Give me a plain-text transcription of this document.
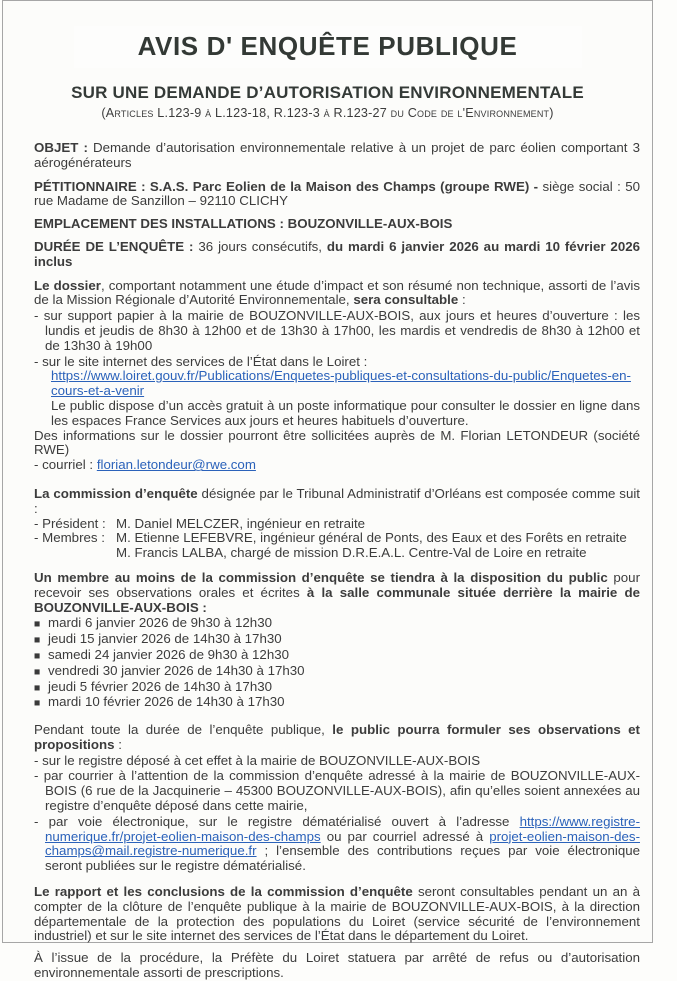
AVIS D' ENQUÊTE PUBLIQUE
SUR UNE DEMANDE D’AUTORISATION ENVIRONNEMENTALE
(Articles L.123-9 à L.123-18, R.123-3 à R.123-27 du Code de l'Environnement)
OBJET : Demande d’autorisation environnementale relative à un projet de parc éolien comportant 3 aérogénérateurs
PÉTITIONNAIRE : S.A.S. Parc Eolien de la Maison des Champs (groupe RWE) - siège social : 50 rue Madame de Sanzillon – 92110 CLICHY
EMPLACEMENT DES INSTALLATIONS : BOUZONVILLE-AUX-BOIS
DURÉE DE L’ENQUÊTE : 36 jours consécutifs, du mardi 6 janvier 2026 au mardi 10 février 2026 inclus
Le dossier, comportant notamment une étude d’impact et son résumé non technique, assorti de l’avis de la Mission Régionale d’Autorité Environnementale, sera consultable :
- sur support papier à la mairie de BOUZONVILLE-AUX-BOIS, aux jours et heures d’ouverture : les lundis et jeudis de 8h30 à 12h00 et de 13h30 à 17h00, les mardis et vendredis de 8h30 à 12h00 et de 13h30 à 19h00
- sur le site internet des services de l’État dans le Loiret :
https://www.loiret.gouv.fr/Publications/Enquetes-publiques-et-consultations-du-public/Enquetes-en-cours-et-a-venir
Le public dispose d’un accès gratuit à un poste informatique pour consulter le dossier en ligne dans les espaces France Services aux jours et heures habituels d’ouverture.
Des informations sur le dossier pourront être sollicitées auprès de M. Florian LETONDEUR (société RWE)
- courriel : florian.letondeur@rwe.com
La commission d’enquête désignée par le Tribunal Administratif d’Orléans est composée comme suit :
- Président : M. Daniel MELCZER, ingénieur en retraite
- Membres : M. Etienne LEFEBVRE, ingénieur général de Ponts, des Eaux et des Forêts en retraite
M. Francis LALBA, chargé de mission D.R.E.A.L. Centre-Val de Loire en retraite
Un membre au moins de la commission d’enquête se tiendra à la disposition du public pour recevoir ses observations orales et écrites à la salle communale située derrière la mairie de BOUZONVILLE-AUX-BOIS :
■ mardi 6 janvier 2026 de 9h30 à 12h30
■ jeudi 15 janvier 2026 de 14h30 à 17h30
■ samedi 24 janvier 2026 de 9h30 à 12h30
■ vendredi 30 janvier 2026 de 14h30 à 17h30
■ jeudi 5 février 2026 de 14h30 à 17h30
■ mardi 10 février 2026 de 14h30 à 17h30
Pendant toute la durée de l’enquête publique, le public pourra formuler ses observations et propositions :
- sur le registre déposé à cet effet à la mairie de BOUZONVILLE-AUX-BOIS
- par courrier à l’attention de la commission d’enquête adressé à la mairie de BOUZONVILLE-AUX-BOIS (6 rue de la Jacquinerie – 45300 BOUZONVILLE-AUX-BOIS), afin qu’elles soient annexées au registre d’enquête déposé dans cette mairie,
- par voie électronique, sur le registre dématérialisé ouvert à l’adresse https://www.registre-numerique.fr/projet-eolien-maison-des-champs ou par courriel adressé à projet-eolien-maison-des-champs@mail.registre-numerique.fr ; l’ensemble des contributions reçues par voie électronique seront publiées sur le registre dématérialisé.
Le rapport et les conclusions de la commission d’enquête seront consultables pendant un an à compter de la clôture de l’enquête publique à la mairie de BOUZONVILLE-AUX-BOIS, à la direction départementale de la protection des populations du Loiret (service sécurité de l’environnement industriel) et sur le site internet des services de l’État dans le département du Loiret.
À l’issue de la procédure, la Préfète du Loiret statuera par arrêté de refus ou d’autorisation environnementale assorti de prescriptions.
